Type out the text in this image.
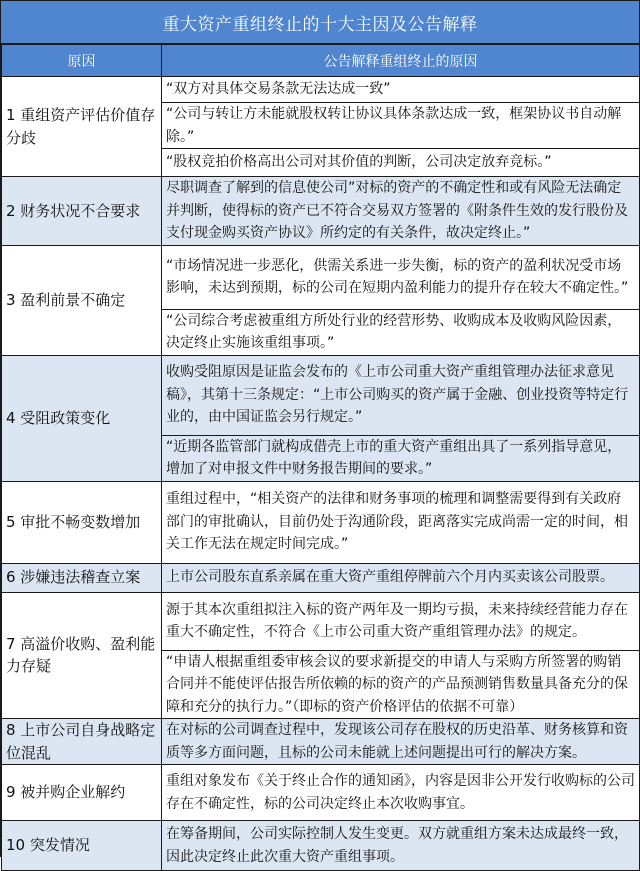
重大资产重组终止的十大主因及公告解释
原因	公告解释重组终止的原因
1 重组资产评估价值存分歧	“双方对具体交易条款无法达成一致”
	“公司与转让方未能就股权转让协议具体条款达成一致，框架协议书自动解除。”
	“股权竞拍价格高出公司对其价值的判断，公司决定放弃竞标。”
2 财务状况不合要求	尽职调查了解到的信息使公司”对标的资产的不确定性和或有风险无法确定并判断，使得标的资产已不符合交易双方签署的《附条件生效的发行股份及支付现金购买资产协议》所约定的有关条件，故决定终止。”
3 盈利前景不确定	“市场情况进一步恶化，供需关系进一步失衡，标的资产的盈利状况受市场影响，未达到预期，标的公司在短期内盈利能力的提升存在较大不确定性。”
	“公司综合考虑被重组方所处行业的经营形势、收购成本及收购风险因素，决定终止实施该重组事项。”
4 受阻政策变化	收购受阻原因是证监会发布的《上市公司重大资产重组管理办法征求意见稿》，其第十三条规定：“上市公司购买的资产属于金融、创业投资等特定行业的，由中国证监会另行规定。”
	“近期各监管部门就构成借壳上市的重大资产重组出具了一系列指导意见，增加了对申报文件中财务报告期间的要求。”
5 审批不畅变数增加	重组过程中，“相关资产的法律和财务事项的梳理和调整需要得到有关政府部门的审批确认，目前仍处于沟通阶段，距离落实完成尚需一定的时间，相关工作无法在规定时间完成。”
6 涉嫌违法稽查立案	上市公司股东直系亲属在重大资产重组停牌前六个月内买卖该公司股票。
7 高溢价收购、盈利能力存疑	源于其本次重组拟注入标的资产两年及一期均亏损，未来持续经营能力存在重大不确定性，不符合《上市公司重大资产重组管理办法》的规定。
	“申请人根据重组委审核会议的要求新提交的申请人与采购方所签署的购销合同并不能使评估报告所依赖的标的资产的产品预测销售数量具备充分的保障和充分的执行力。”（即标的资产价格评估的依据不可靠）
8 上市公司自身战略定位混乱	在对标的公司调查过程中，发现该公司存在股权的历史沿革、财务核算和资质等多方面问题，且标的公司未能就上述问题提出可行的解决方案。
9 被并购企业解约	重组对象发布《关于终止合作的通知函》，内容是因非公开发行收购标的公司存在不确定性，标的公司决定终止本次收购事宜。
10 突发情况	在筹备期间，公司实际控制人发生变更。双方就重组方案未达成最终一致，因此决定终止此次重大资产重组事项。
